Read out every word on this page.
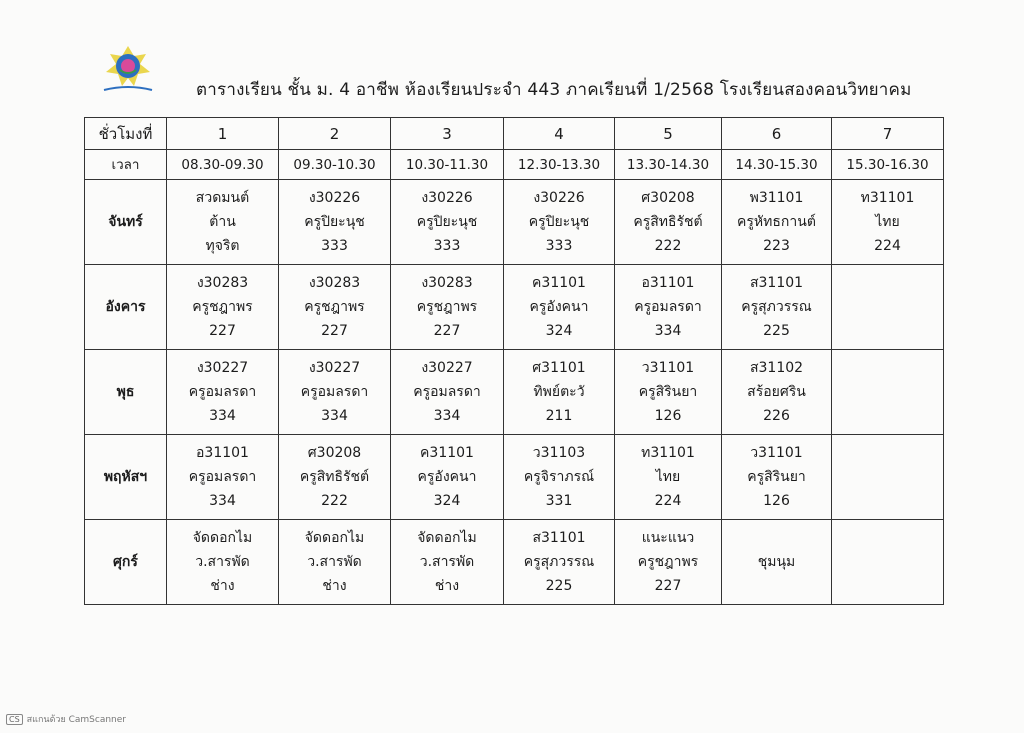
ตารางเรียน ชั้น ม. 4 อาชีพ ห้องเรียนประจำ 443 ภาคเรียนที่ 1/2568 โรงเรียนสองคอนวิทยาคม
ชั่วโมงที่	1	2	3	4	5	6	7
เวลา	08.30-09.30	09.30-10.30	10.30-11.30	12.30-13.30	13.30-14.30	14.30-15.30	15.30-16.30
จันทร์	สวดมนต์
ต้าน
ทุจริต	ง30226
ครูปิยะนุช
333	ง30226
ครูปิยะนุช
333	ง30226
ครูปิยะนุช
333	ศ30208
ครูสิทธิรัชต์
222	พ31101
ครูหัทธกานต์
223	ท31101
ไทย
224

อังคาร	ง30283
ครูชฎาพร
227	ง30283
ครูชฎาพร
227	ง30283
ครูชฎาพร
227	ค31101
ครูอังคนา
324	อ31101
ครูอมลรดา
334	ส31101
ครูสุภวรรณ
225	

พุธ	ง30227
ครูอมลรดา
334	ง30227
ครูอมลรดา
334	ง30227
ครูอมลรดา
334	ศ31101
ทิพย์ตะวั
211	ว31101
ครูสิรินยา
126	ส31102
สร้อยศริน
226	

พฤหัสฯ	อ31101
ครูอมลรดา
334	ศ30208
ครูสิทธิรัชต์
222	ค31101
ครูอังคนา
324	ว31103
ครูจิราภรณ์
331	ท31101
ไทย
224	ว31101
ครูสิรินยา
126	

ศุกร์	จัดดอกไม
ว.สารพัด
ช่าง	จัดดอกไม
ว.สารพัด
ช่าง	จัดดอกไม
ว.สารพัด
ช่าง	ส31101
ครูสุภวรรณ
225	แนะแนว
ครูชฎาพร
227	ชุมนุม	

CS สแกนด้วย CamScanner
